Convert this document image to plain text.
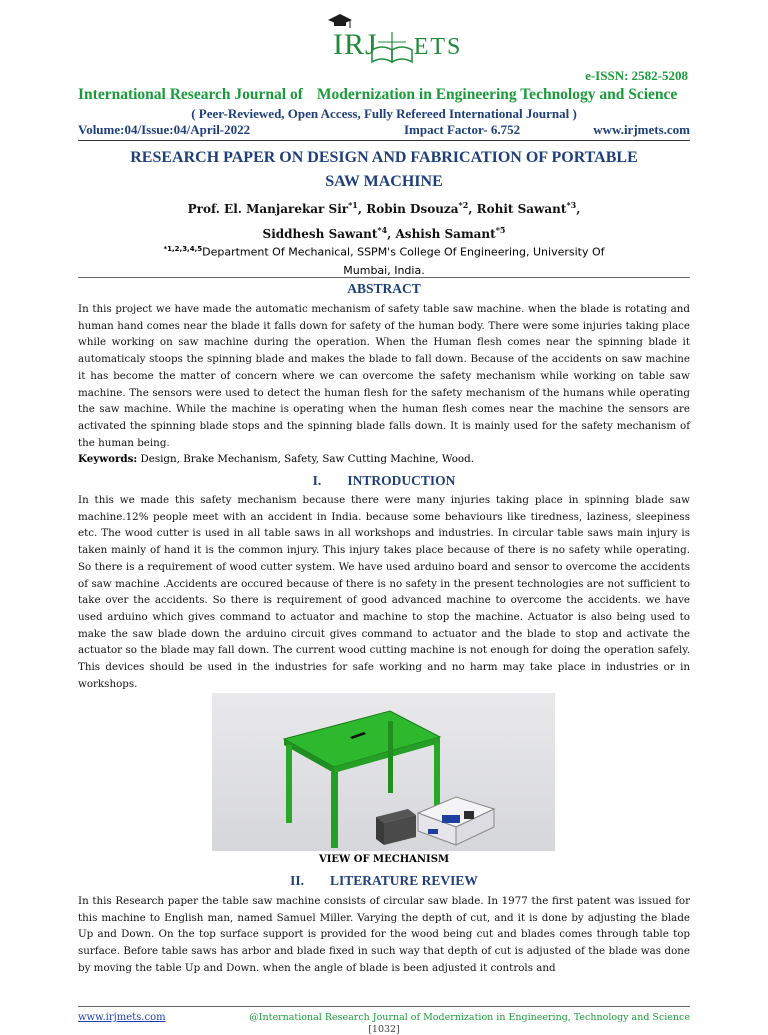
IRJ ETS
e-ISSN: 2582-5208
International Research Journal of Modernization in Engineering Technology and Science
( Peer-Reviewed, Open Access, Fully Refereed International Journal )
Volume:04/Issue:04/April-2022	Impact Factor- 6.752	www.irjmets.com
RESEARCH PAPER ON DESIGN AND FABRICATION OF PORTABLE
SAW MACHINE
Prof. El. Manjarekar Sir$^{*1}$, Robin Dsouza$^{*2}$, Rohit Sawant$^{*3}$,
Siddhesh Sawant$^{*4}$, Ashish Samant$^{*5}$
$^{*1,2,3,4,5}$Department Of Mechanical, SSPM's College Of Engineering, University Of
Mumbai, India.
ABSTRACT
In this project we have made the automatic mechanism of safety table saw machine. when the blade is rotating and human hand comes near the blade it falls down for safety of the human body. There were some injuries taking place while working on saw machine during the operation. When the Human flesh comes near the spinning blade it automaticaly stoops the spinning blade and makes the blade to fall down. Because of the accidents on saw machine it has become the matter of concern where we can overcome the safety mechanism while working on table saw machine. The sensors were used to detect the human flesh for the safety mechanism of the humans while operating the saw machine. While the machine is operating when the human flesh comes near the machine the sensors are activated the spinning blade stops and the spinning blade falls down. It is mainly used for the safety mechanism of the human being.
Keywords: Design, Brake Mechanism, Safety, Saw Cutting Machine, Wood.
I. INTRODUCTION
In this we made this safety mechanism because there were many injuries taking place in spinning blade saw machine.12% people meet with an accident in India. because some behaviours like tiredness, laziness, sleepiness etc. The wood cutter is used in all table saws in all workshops and industries. In circular table saws main injury is taken mainly of hand it is the common injury. This injury takes place because of there is no safety while operating. So there is a requirement of wood cutter system. We have used arduino board and sensor to overcome the accidents of saw machine .Accidents are occured because of there is no safety in the present technologies are not sufficient to take over the accidents. So there is requirement of good advanced machine to overcome the accidents. we have used arduino which gives command to actuator and machine to stop the machine. Actuator is also being used to make the saw blade down the arduino circuit gives command to actuator and the blade to stop and activate the actuator so the blade may fall down. The current wood cutting machine is not enough for doing the operation safely. This devices should be used in the industries for safe working and no harm may take place in industries or in workshops.
VIEW OF MECHANISM
II. LITERATURE REVIEW
In this Research paper the table saw machine consists of circular saw blade. In 1977 the first patent was issued for this machine to English man, named Samuel Miller. Varying the depth of cut, and it is done by adjusting the blade Up and Down. On the top surface support is provided for the wood being cut and blades comes through table top surface. Before table saws has arbor and blade fixed in such way that depth of cut is adjusted of the blade was done by moving the table Up and Down. when the angle of blade is been adjusted it controls and
www.irjmets.com	@International Research Journal of Modernization in Engineering, Technology and Science
[1032]
